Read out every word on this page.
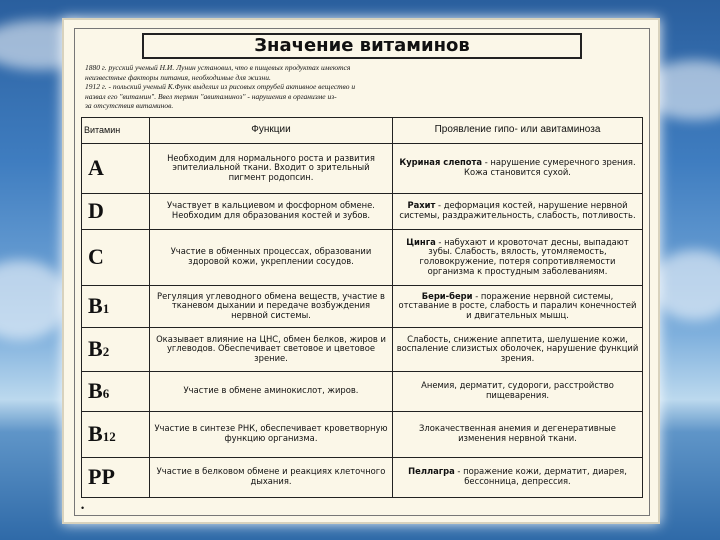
Значение витаминов

1880 г. русский ученый Н.И. Лунин установил, что в пищевых продуктах имеются

неизвестные факторы питания, необходимые для жизни.

1912 г. - польский ученый К.Функ выделил из рисовых отрубей активное вещество и

назвал его "витамин". Ввел термин "авитаминоз" - нарушения в организме из-

за отсутствия витаминов.

Витамин	Функции	Проявление гипо- или авитаминоза
A	Необходим для нормального роста и развития эпителиальной ткани. Входит о зрительный пигмент родопсин.	Куриная слепота - нарушение сумеречного зрения. Кожа становится сухой.
D	Участвует в кальциевом и фосфорном обмене. Необходим для образования костей и зубов.	Рахит - деформация костей, нарушение нервной системы, раздражительность, слабость, потливость.
C	Участие в обменных процессах, образовании здоровой кожи, укреплении сосудов.	Цинга - набухают и кровоточат десны, выпадают зубы. Слабость, вялость, утомляемость, головокружение, потеря сопротивляемости организма к простудным заболеваниям.
B1	Регуляция углеводного обмена веществ, участие в тканевом дыхании и передаче возбуждения нервной системы.	Бери-бери - поражение нервной системы, отставание в росте, слабость и паралич конечностей и двигательных мышц.
B2	Оказывает влияние на ЦНС, обмен белков, жиров и углеводов. Обеспечивает световое и цветовое зрение.	Слабость, снижение аппетита, шелушение кожи, воспаление слизистых оболочек, нарушение функций зрения.
B6	Участие в обмене аминокислот, жиров.	Анемия, дерматит, судороги, расстройство пищеварения.
B12	Участие в синтезе РНК, обеспечивает кроветворную функцию организма.	Злокачественная анемия и дегенеративные изменения нервной ткани.
PP	Участие в белковом обмене и реакциях клеточного дыхания.	Пеллагра - поражение кожи, дерматит, диарея, бессонница, депрессия.
•
